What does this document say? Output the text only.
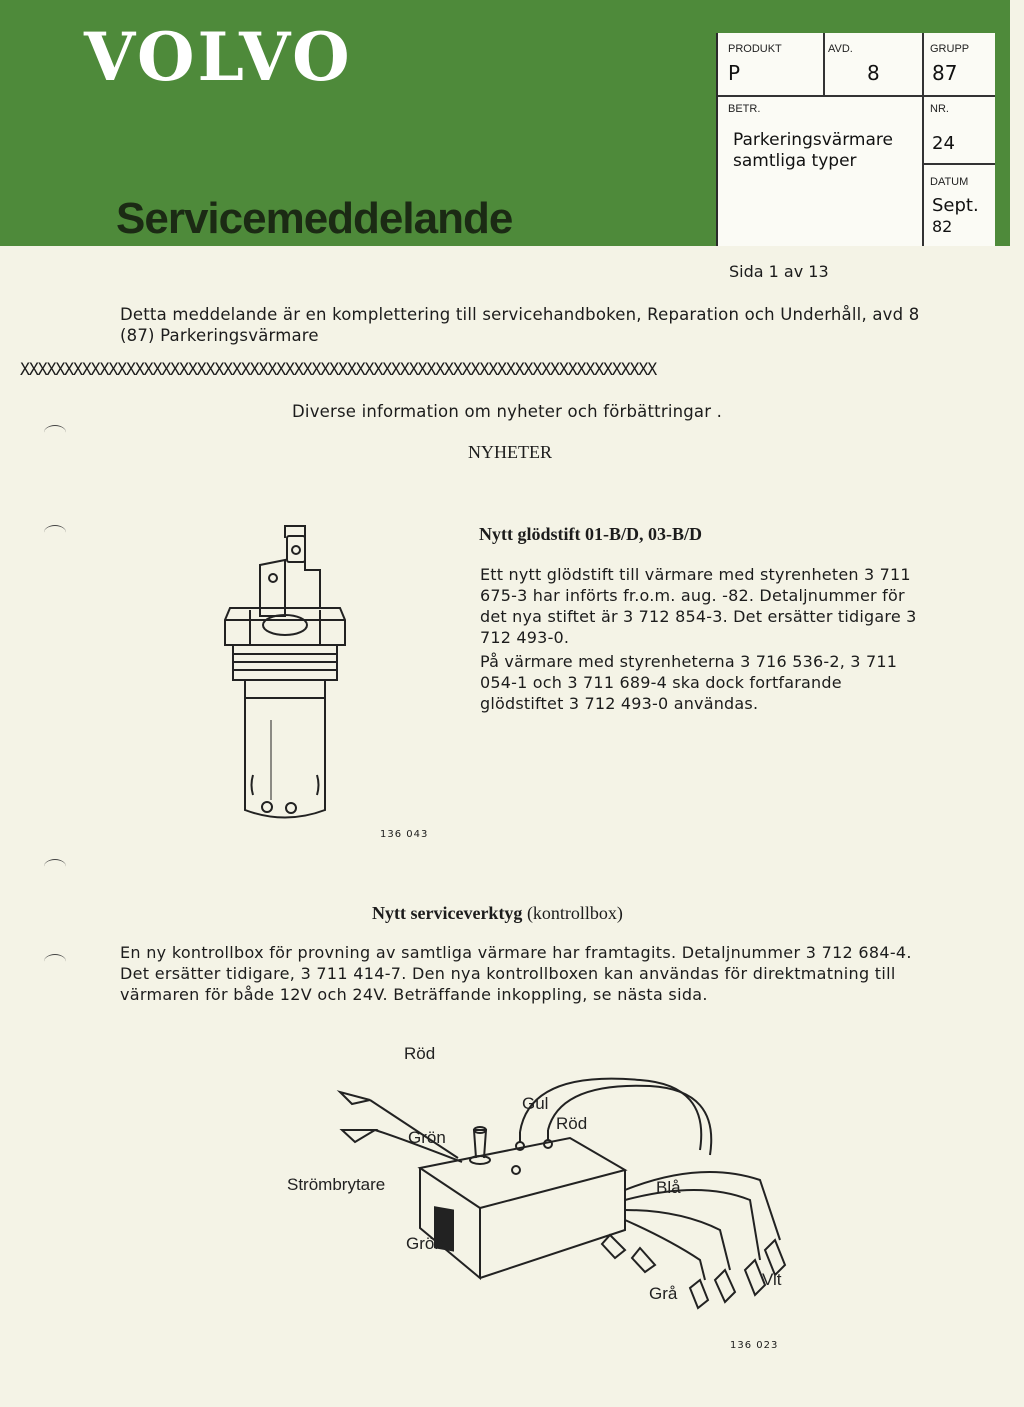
VOLVO
Servicemeddelande
PRODUKT
P
AVD.
8
GRUPP
87
BETR.
Parkeringsvärmare
samtliga typer
NR.
24
DATUM
Sept.
82
Sida 1 av 13
Detta meddelande är en komplettering till servicehandboken, Reparation och Underhåll, avd 8 (87) Parkeringsvärmare
XXXXXXXXXXXXXXXXXXXXXXXXXXXXXXXXXXXXXXXXXXXXXXXXXXXXXXXXXXXXXXXXXXXXXXXX
Diverse information om nyheter och förbättringar .
NYHETER
Nytt glödstift 01-B/D, 03-B/D
Ett nytt glödstift till värmare med styrenheten 3 711 675-3 har införts fr.o.m. aug. -82. Detaljnummer för det nya stiftet är 3 712 854-3. Det ersätter tidigare 3 712 493-0.
På värmare med styrenheterna 3 716 536-2, 3 711 054-1 och 3 711 689-4 ska dock fortfarande glödstiftet 3 712 493-0 användas.
136 043
Nytt serviceverktyg (kontrollbox)
En ny kontrollbox för provning av samtliga värmare har framtagits. Detaljnummer 3 712 684-4. Det ersätter tidigare, 3 711 414-7. Den nya kontrollboxen kan användas för direktmatning till värmaren för både 12V och 24V. Beträffande inkoppling, se nästa sida.
Röd
Gul
Röd
Grön
Strömbrytare	Blå
Grön
Grå
Vit
136 023
